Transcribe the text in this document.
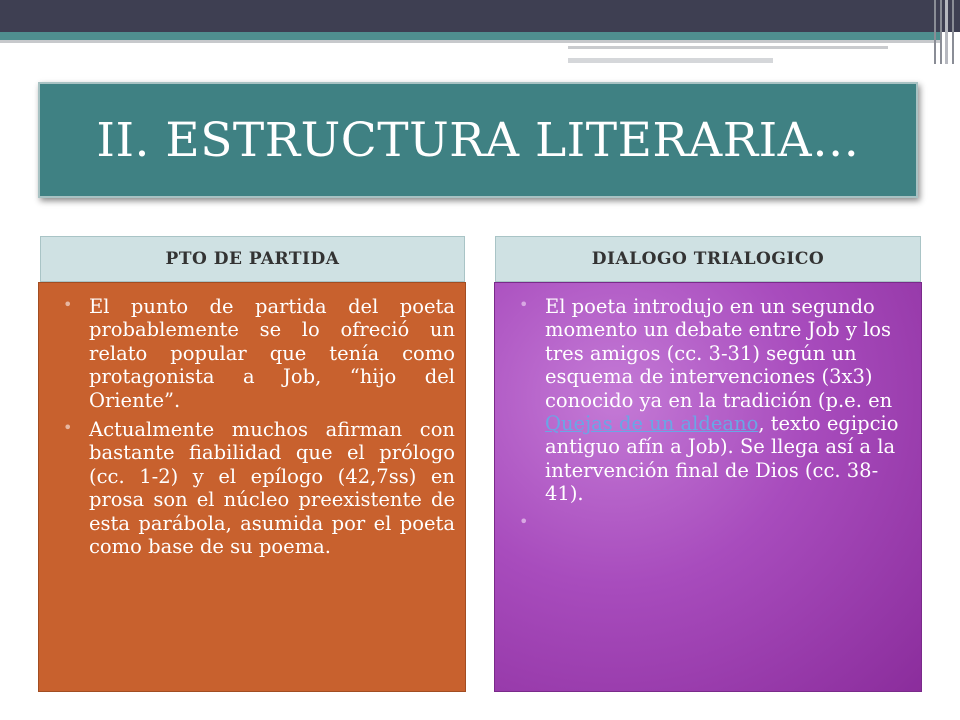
II. ESTRUCTURA LITERARIA…
PTO DE PARTIDA	DIALOGO TRIALOGICO
• El punto de partida del poeta probablemente se lo ofreció un relato popular que tenía como protagonista a Job, “hijo del Oriente”.
• Actualmente muchos afirman con bastante fiabilidad que el prólogo (cc. 1-2) y el epílogo (42,7ss) en prosa son el núcleo preexistente de esta parábola, asumida por el poeta como base de su poema.
• El poeta introdujo en un segundo momento un debate entre Job y los tres amigos (cc. 3-31) según un esquema de intervenciones (3x3) conocido ya en la tradición (p.e. en Quejas de un aldeano, texto egipcio antiguo afín a Job). Se llega así a la intervención final de Dios (cc. 38-41).
•
